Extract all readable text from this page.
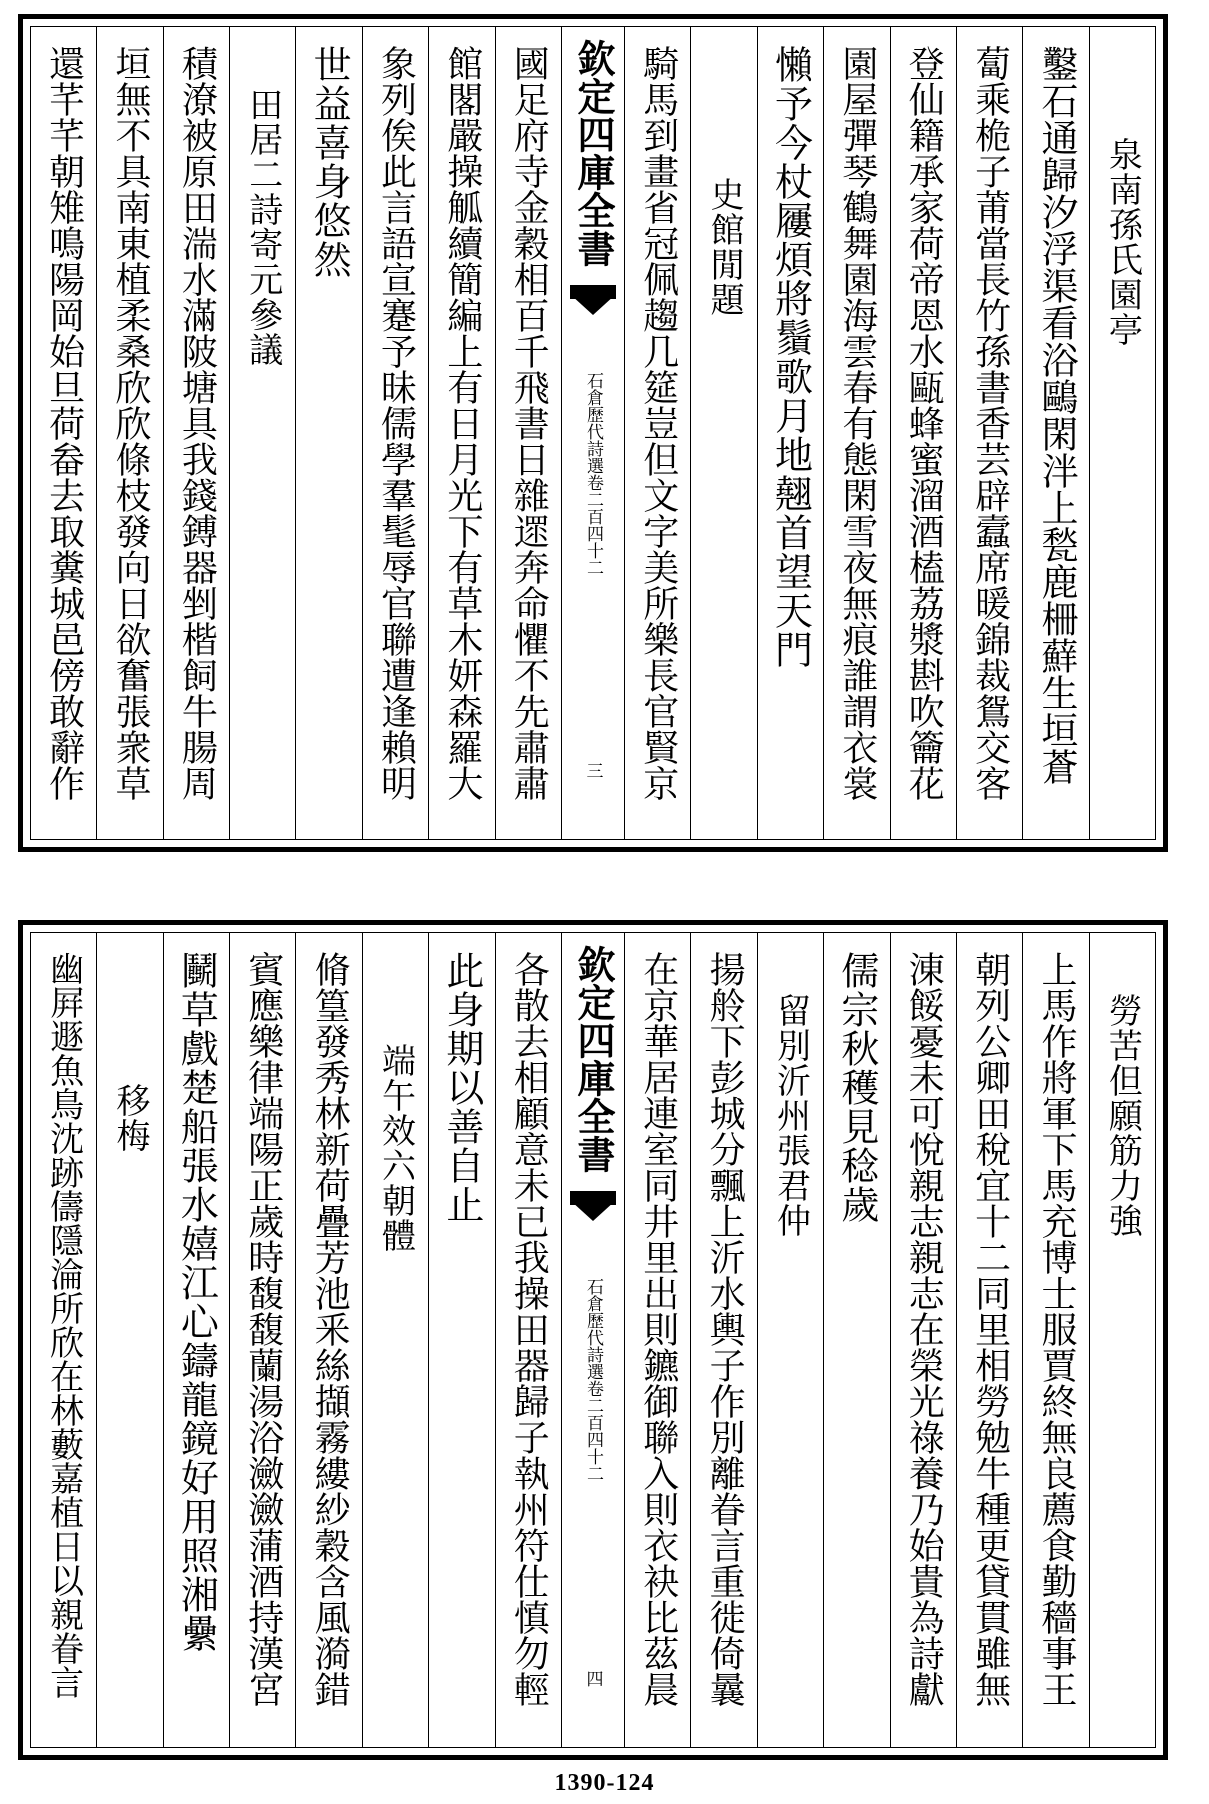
泉南孫氏園亭
鑿石通歸汐浮渠看浴鷗閑泮上甃鹿柵蘚生垣蒼
蔔乘桅子莆當長竹孫書香芸辟蠧席暖錦裁鴛交客
登仙籍承家荷帝恩水甌蜂蜜溜酒榼荔漿斟吹籥花
園屋彈琴鶴舞園海雲春有態閑雪夜無痕誰謂衣裳
懶予今杖屨煩將鬚歌月地翹首望天門
史館閒題
騎馬到畫省冠佩趨几筵豈但文字美所樂長官賢京
欽定四庫全書
石倉歷代詩選卷二百四十二
三
國足府寺金穀相百千飛書日雜遝奔命懼不先肅肅
館閣嚴操觚續簡編上有日月光下有草木妍森羅大
象列俟此言語宣蹇予昧儒學羣髦辱官聯遭逢賴明
世益喜身悠然
田居二詩寄元參議
積潦被原田湍水滿陂塘具我錢鎛器剉楷飼牛腸周
垣無不具南東植柔桑欣欣條枝發向日欲奮張衆草
還芊芊朝雉鳴陽岡始旦荷畚去取糞城邑傍敢辭作
勞苦但願筋力強
上馬作將軍下馬充博士服賈終無良薦食勤穡事王
朝列公卿田稅宜十二同里相勞勉牛種更貸貫雖無
涷餒憂未可悅親志親志在榮光祿養乃始貴為詩獻
儒宗秋穫見稔歲
留別沂州張君仲
揚舲下彭城分飄上沂水輿子作別離眷言重徙倚曩
在京華居連室同井里出則鑣御聯入則衣袂比茲晨
欽定四庫全書
石倉歷代詩選卷二百四十二
四
各散去相顧意未已我操田器歸子執州符仕慎勿輕
此身期以善自止
端午效六朝體
脩篁發秀林新荷疊芳池釆絲擷霧縷紗穀含風漪錯
賓應樂律端陽正歲時馥馥蘭湯浴瀲瀲蒲酒持漢宮
鬭草戲楚船張水嬉江心鑄龍鏡好用照湘纍
移梅
幽屛遯魚鳥沈跡儔隱淪所欣在林藪嘉植日以親眷言
1390-124
